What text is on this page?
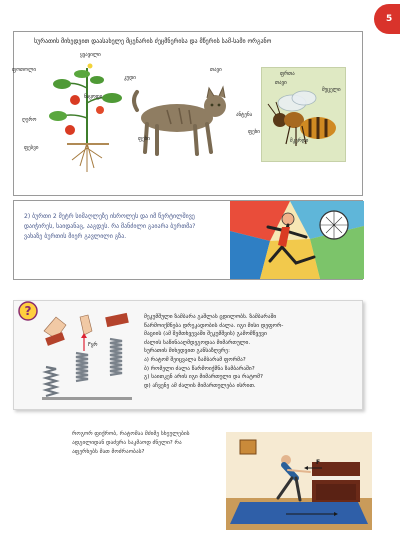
5
სურათის მიხედვით დაასახელე მცენარის ძეცმნერისა და მწერის სამ-სამი ორგანო
ფოთოლი
ყვავილი
ნაყოფი
ღერო
ფესვი
კუდი
თავი
ფეხი
ფრთა
თავი
მუცელი
ანტენა
ფეხი
მკერდი
2) ბურთი 2 მეტრ სიმაღლეზე ისროლეს და იმ წერტილშივე დაიჭირეს, საიდანაც, ააგდეს. რა მანძილი გაიარა ბურთმა? ვახაზე ბურთის მიერ გავლილი გზა.
?
Fყრ
მეკუმშული ზამბარა გაშლას ცდილობს. ზამბარაში
წარმოიქმნება დრეკადობის ძალა. იგი მისი დეფორ-
მაციის (ამ შემთხვევაში შეკუმშვის) გამომწვევი
ძალის საწინააღმდეგოდაა მიმართული.
სურათის მიხედვით განსაზღვრე:
ა) რატომ შეიცვალა ზამბარამ ფორმა?
ბ) რომელი ძალა წარმოიქმნა ზამბარაში?
გ) საითკენ არის იგი მიმართული და რატომ?
დ) აჩვენე ამ ძალის მიმართულება ისრით.
როგორ ფიქრობ, რატომაა მძიმე სხეულების ადგილიდან დაძვრა საკმაოდ ძნელი? რა აფერხებს მათ მოძრაობას?
F
